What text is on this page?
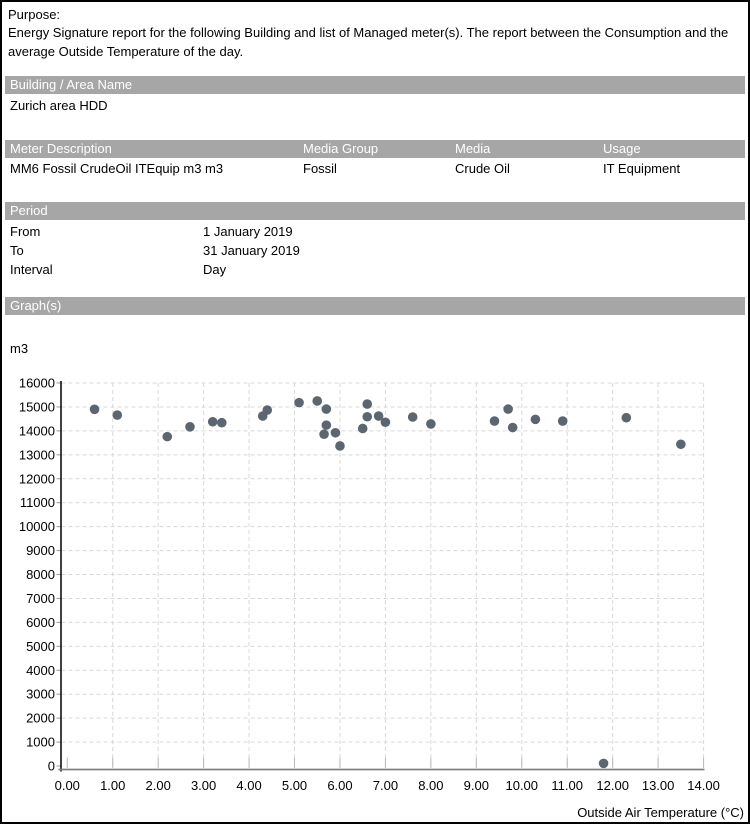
Purpose:
Energy Signature report for the following Building and list of Managed meter(s). The report between the Consumption and the average Outside Temperature of the day.
Building / Area Name
Zurich area HDD
Meter Description	Media Group	Media	Usage
MM6 Fossil CrudeOil ITEquip m3 m3	Fossil	Crude Oil	IT Equipment
Period
From	1 January 2019
To	31 January 2019
Interval	Day
Graph(s)
m3
0
1000
2000
3000
4000
5000
6000
7000
8000
9000
10000
11000
12000
13000
14000
15000
16000
0.00 1.00 2.00 3.00 4.00 5.00 6.00 7.00 8.00 9.00 10.00 11.00 12.00 13.00 14.00
Outside Air Temperature (°C)
